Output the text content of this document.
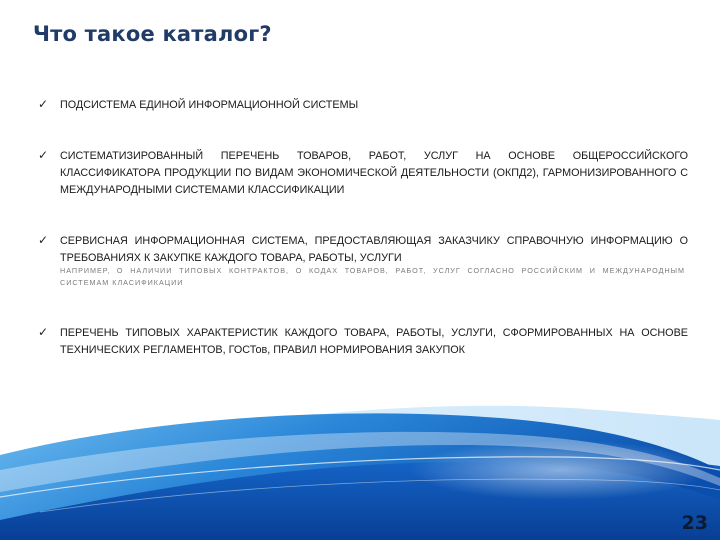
Что такое каталог?
✓ ПОДСИСТЕМА ЕДИНОЙ ИНФОРМАЦИОННОЙ СИСТЕМЫ
✓ СИСТЕМАТИЗИРОВАННЫЙ ПЕРЕЧЕНЬ ТОВАРОВ, РАБОТ, УСЛУГ НА ОСНОВЕ ОБЩЕРОССИЙСКОГО КЛАССИФИКАТОРА ПРОДУКЦИИ ПО ВИДАМ ЭКОНОМИЧЕСКОЙ ДЕЯТЕЛЬНОСТИ (ОКПД2), ГАРМОНИЗИРОВАННОГО С МЕЖДУНАРОДНЫМИ СИСТЕМАМИ КЛАССИФИКАЦИИ
✓ СЕРВИСНАЯ ИНФОРМАЦИОННАЯ СИСТЕМА, ПРЕДОСТАВЛЯЮЩАЯ ЗАКАЗЧИКУ СПРАВОЧНУЮ ИНФОРМАЦИЮ О ТРЕБОВАНИЯХ К ЗАКУПКЕ КАЖДОГО ТОВАРА, РАБОТЫ, УСЛУГИ
НАПРИМЕР, О НАЛИЧИИ ТИПОВЫХ КОНТРАКТОВ, О КОДАХ ТОВАРОВ, РАБОТ, УСЛУГ СОГЛАСНО РОССИЙСКИМ И МЕЖДУНАРОДНЫМ СИСТЕМАМ КЛАСИФИКАЦИИ
✓ ПЕРЕЧЕНЬ ТИПОВЫХ ХАРАКТЕРИСТИК КАЖДОГО ТОВАРА, РАБОТЫ, УСЛУГИ, СФОРМИРОВАННЫХ НА ОСНОВЕ ТЕХНИЧЕСКИХ РЕГЛАМЕНТОВ, ГОСТов, ПРАВИЛ НОРМИРОВАНИЯ ЗАКУПОК
23
